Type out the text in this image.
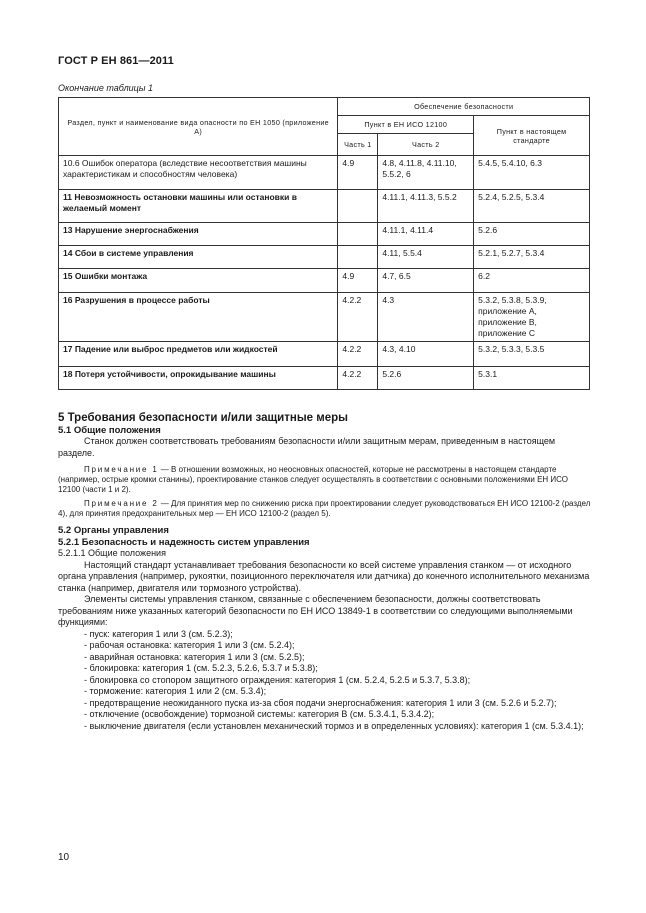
ГОСТ Р ЕН 861—2011
Окончание таблицы 1
Раздел, пункт и наименование вида опасности по ЕН 1050 (приложение А)	Обеспечение безопасности		
	Пункт в ЕН ИСО 12100		Пункт в настоящем стандарте
	Часть 1	Часть 2	
10.6 Ошибок оператора (вследствие несоответствия машины характеристикам и способностям человека)	4.9	4.8, 4.11.8, 4.11.10, 5.5.2, 6	5.4.5, 5.4.10, 6.3
11 Невозможность остановки машины или остановки в желаемый момент		4.11.1, 4.11.3, 5.5.2	5.2.4, 5.2.5, 5.3.4
13 Нарушение энергоснабжения		4.11.1, 4.11.4	5.2.6
14 Сбои в системе управления		4.11, 5.5.4	5.2.1, 5.2.7, 5.3.4
15 Ошибки монтажа	4.9	4.7, 6.5	6.2
16 Разрушения в процессе работы	4.2.2	4.3	5.3.2, 5.3.8, 5.3.9, приложение А, приложение В, приложение С
17 Падение или выброс предметов или жидкостей	4.2.2	4.3, 4.10	5.3.2, 5.3.3, 5.3.5
18 Потеря устойчивости, опрокидывание машины	4.2.2	5.2.6	5.3.1

5 Требования безопасности и/или защитные меры

5.1 Общие положения

Станок должен соответствовать требованиям безопасности и/или защитным мерам, приведенным в настоящем разделе.

Примечание 1 — В отношении возможных, но неосновных опасностей, которые не рассмотрены в настоящем стандарте (например, острые кромки станины), проектирование станков следует осуществлять в соответствии с основными положениями ЕН ИСО 12100 (части 1 и 2).

Примечание 2 — Для принятия мер по снижению риска при проектировании следует руководствоваться ЕН ИСО 12100-2 (раздел 4), для принятия предохранительных мер — ЕН ИСО 12100-2 (раздел 5).

5.2 Органы управления

5.2.1 Безопасность и надежность систем управления

5.2.1.1 Общие положения

Настоящий стандарт устанавливает требования безопасности ко всей системе управления станком — от исходного органа управления (например, рукоятки, позиционного переключателя или датчика) до конечного исполнительного механизма станка (например, двигателя или тормозного устройства).

Элементы системы управления станком, связанные с обеспечением безопасности, должны соответствовать требованиям ниже указанных категорий безопасности по ЕН ИСО 13849-1 в соответствии со следующими выполняемыми функциями:

- пуск: категория 1 или 3 (см. 5.2.3);

- рабочая остановка: категория 1 или 3 (см. 5.2.4);

- аварийная остановка: категория 1 или 3 (см. 5.2.5);

- блокировка: категория 1 (см. 5.2.3, 5.2.6, 5.3.7 и 5.3.8);

- блокировка со стопором защитного ограждения: категория 1 (см. 5.2.4, 5.2.5 и 5.3.7, 5.3.8);

- торможение: категория 1 или 2 (см. 5.3.4);

- предотвращение неожиданного пуска из-за сбоя подачи энергоснабжения: категория 1 или 3 (см. 5.2.6 и 5.2.7);

- отключение (освобождение) тормозной системы: категория В (см. 5.3.4.1, 5.3.4.2);

- выключение двигателя (если установлен механический тормоз и в определенных условиях): категория 1 (см. 5.3.4.1);

10
